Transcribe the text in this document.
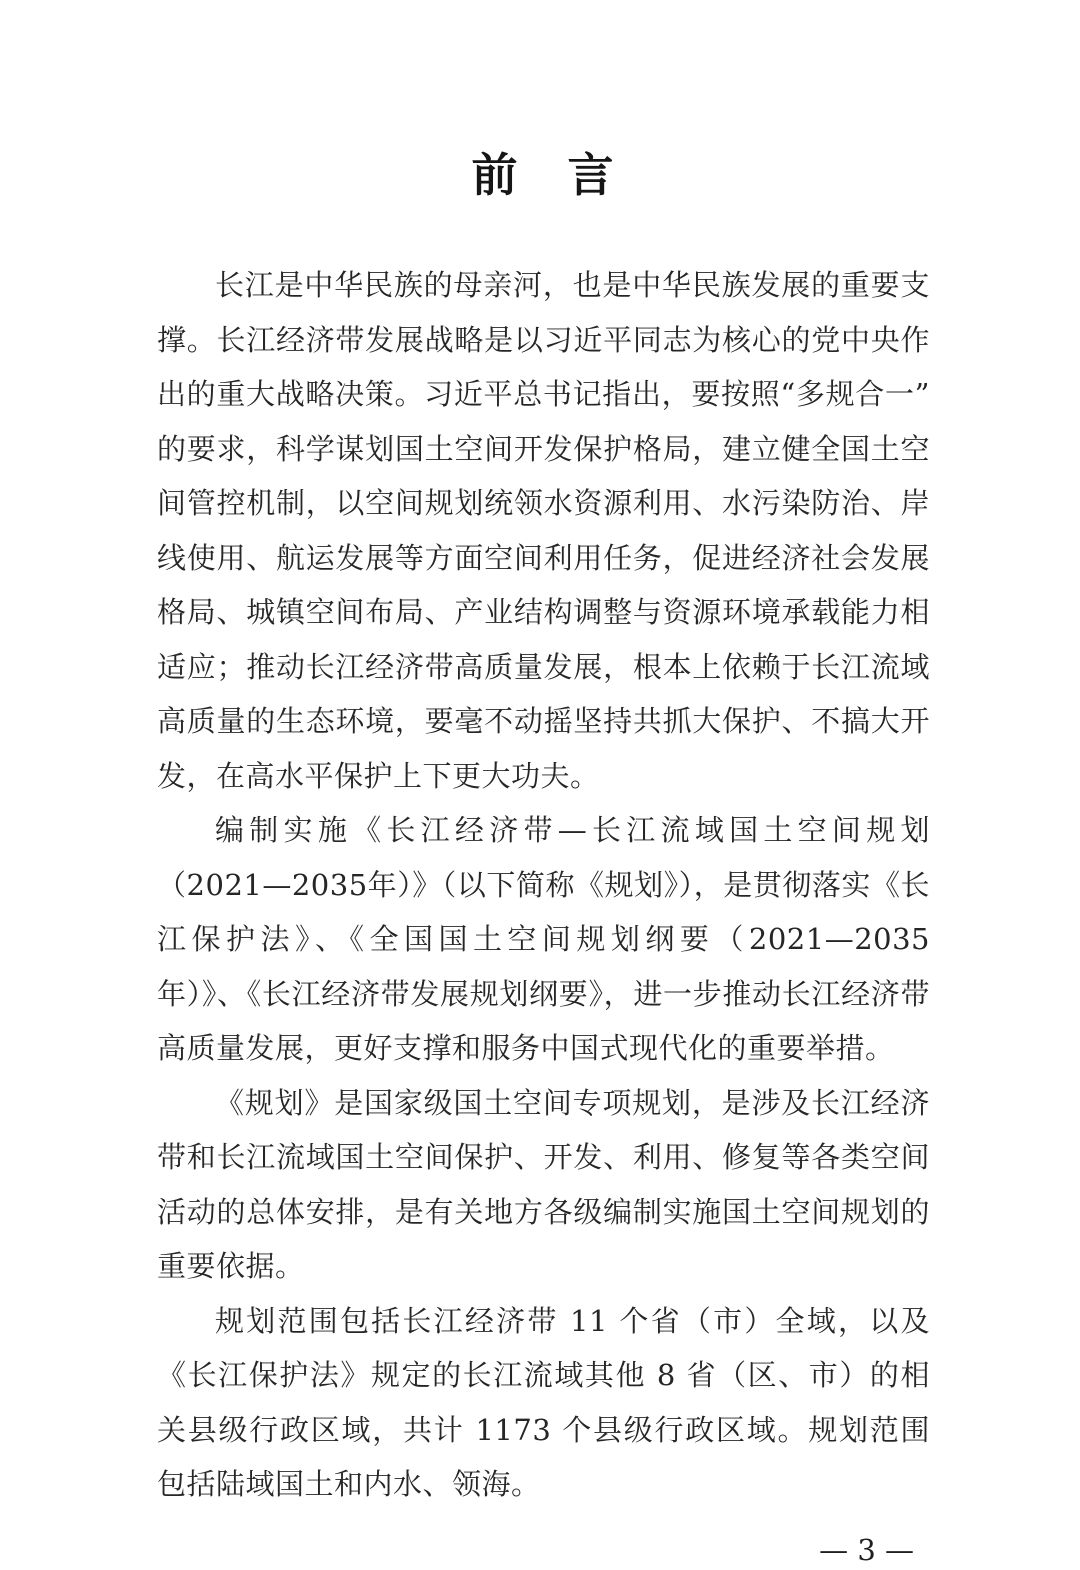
前　言

长江是中华民族的母亲河，也是中华民族发展的重要支撑。长江经济带发展战略是以习近平同志为核心的党中央作出的重大战略决策。习近平总书记指出，要按照“多规合一”的要求，科学谋划国土空间开发保护格局，建立健全国土空间管控机制，以空间规划统领水资源利用、水污染防治、岸线使用、航运发展等方面空间利用任务，促进经济社会发展格局、城镇空间布局、产业结构调整与资源环境承载能力相适应；推动长江经济带高质量发展，根本上依赖于长江流域高质量的生态环境，要毫不动摇坚持共抓大保护、不搞大开发，在高水平保护上下更大功夫。

编制实施《长江经济带—长江流域国土空间规划（2021—2035年）》（以下简称《规划》），是贯彻落实《长江保护法》、《全国国土空间规划纲要（2021—2035 年）》、《长江经济带发展规划纲要》，进一步推动长江经济带高质量发展，更好支撑和服务中国式现代化的重要举措。

《规划》是国家级国土空间专项规划，是涉及长江经济带和长江流域国土空间保护、开发、利用、修复等各类空间活动的总体安排，是有关地方各级编制实施国土空间规划的重要依据。

规划范围包括长江经济带 11 个省（市）全域，以及《长江保护法》规定的长江流域其他 8 省（区、市）的相关县级行政区域，共计 1173 个县级行政区域。规划范围包括陆域国土和内水、领海。

— 3 —
